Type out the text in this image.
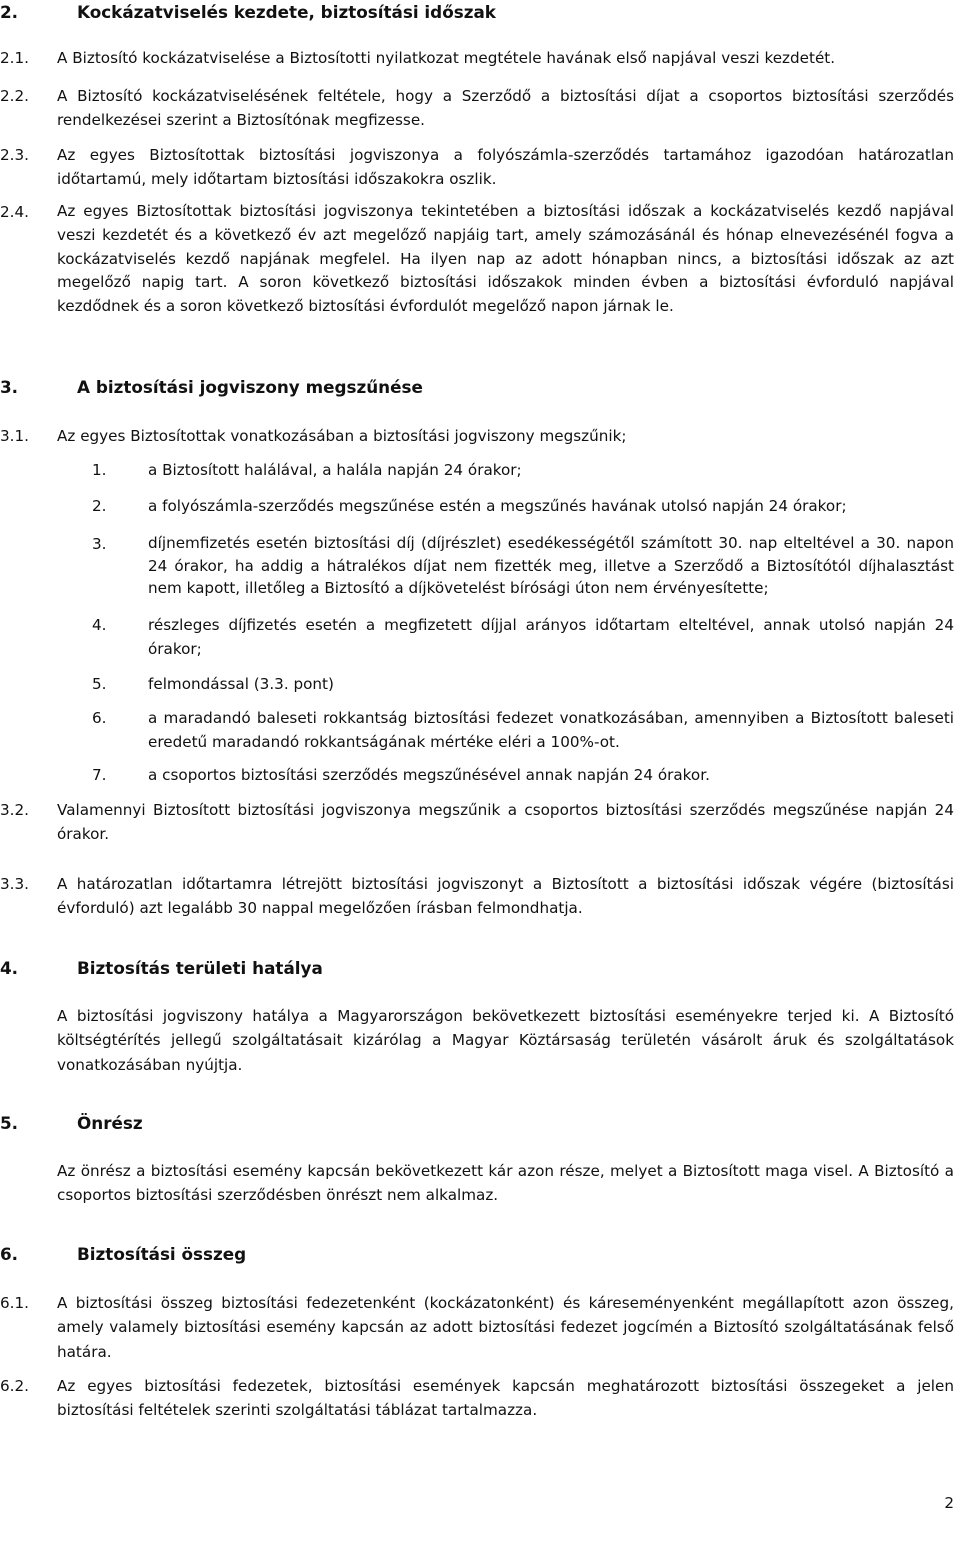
2.	Kockázatviselés kezdete, biztosítási időszak
2.1. A Biztosító kockázatviselése a Biztosítotti nyilatkozat megtétele havának első napjával veszi kezdetét.
2.2. A Biztosító kockázatviselésének feltétele, hogy a Szerződő a biztosítási díjat a csoportos biztosítási szerződés rendelkezései szerint a Biztosítónak megfizesse.
2.3. Az egyes Biztosítottak biztosítási jogviszonya a folyószámla-szerződés tartamához igazodóan határozatlan időtartamú, mely időtartam biztosítási időszakokra oszlik.
2.4. Az egyes Biztosítottak biztosítási jogviszonya tekintetében a biztosítási időszak a kockázatviselés kezdő napjával veszi kezdetét és a következő év azt megelőző napjáig tart, amely számozásánál és hónap elnevezésénél fogva a kockázatviselés kezdő napjának megfelel. Ha ilyen nap az adott hónapban nincs, a biztosítási időszak az azt megelőző napig tart. A soron következő biztosítási időszakok minden évben a biztosítási évforduló napjával kezdődnek és a soron következő biztosítási évfordulót megelőző napon járnak le.
3.	A biztosítási jogviszony megszűnése
3.1. Az egyes Biztosítottak vonatkozásában a biztosítási jogviszony megszűnik;
1.	a Biztosított halálával, a halála napján 24 órakor;
2.	a folyószámla-szerződés megszűnése estén a megszűnés havának utolsó napján 24 órakor;
3.	díjnemfizetés esetén biztosítási díj (díjrészlet) esedékességétől számított 30. nap elteltével a 30. napon 24 órakor, ha addig a hátralékos díjat nem fizették meg, illetve a Szerződő a Biztosítótól díjhalasztást nem kapott, illetőleg a Biztosító a díjkövetelést bírósági úton nem érvényesítette;
4.	részleges díjfizetés esetén a megfizetett díjjal arányos időtartam elteltével, annak utolsó napján 24 órakor;
5.	felmondással (3.3. pont)
6.	a maradandó baleseti rokkantság biztosítási fedezet vonatkozásában, amennyiben a Biztosított baleseti eredetű maradandó rokkantságának mértéke eléri a 100%-ot.
7.	a csoportos biztosítási szerződés megszűnésével annak napján 24 órakor.
3.2. Valamennyi Biztosított biztosítási jogviszonya megszűnik a csoportos biztosítási szerződés megszűnése napján 24 órakor.
3.3. A határozatlan időtartamra létrejött biztosítási jogviszonyt a Biztosított a biztosítási időszak végére (biztosítási évforduló) azt legalább 30 nappal megelőzően írásban felmondhatja.
4.	Biztosítás területi hatálya
A biztosítási jogviszony hatálya a Magyarországon bekövetkezett biztosítási eseményekre terjed ki. A Biztosító költségtérítés jellegű szolgáltatásait kizárólag a Magyar Köztársaság területén vásárolt áruk és szolgáltatások vonatkozásában nyújtja.
5.	Önrész
Az önrész a biztosítási esemény kapcsán bekövetkezett kár azon része, melyet a Biztosított maga visel. A Biztosító a csoportos biztosítási szerződésben önrészt nem alkalmaz.
6.	Biztosítási összeg
6.1. A biztosítási összeg biztosítási fedezetenként (kockázatonként) és káreseményenként megállapított azon összeg, amely valamely biztosítási esemény kapcsán az adott biztosítási fedezet jogcímén a Biztosító szolgáltatásának felső határa.
6.2. Az egyes biztosítási fedezetek, biztosítási események kapcsán meghatározott biztosítási összegeket a jelen biztosítási feltételek szerinti szolgáltatási táblázat tartalmazza.
2
